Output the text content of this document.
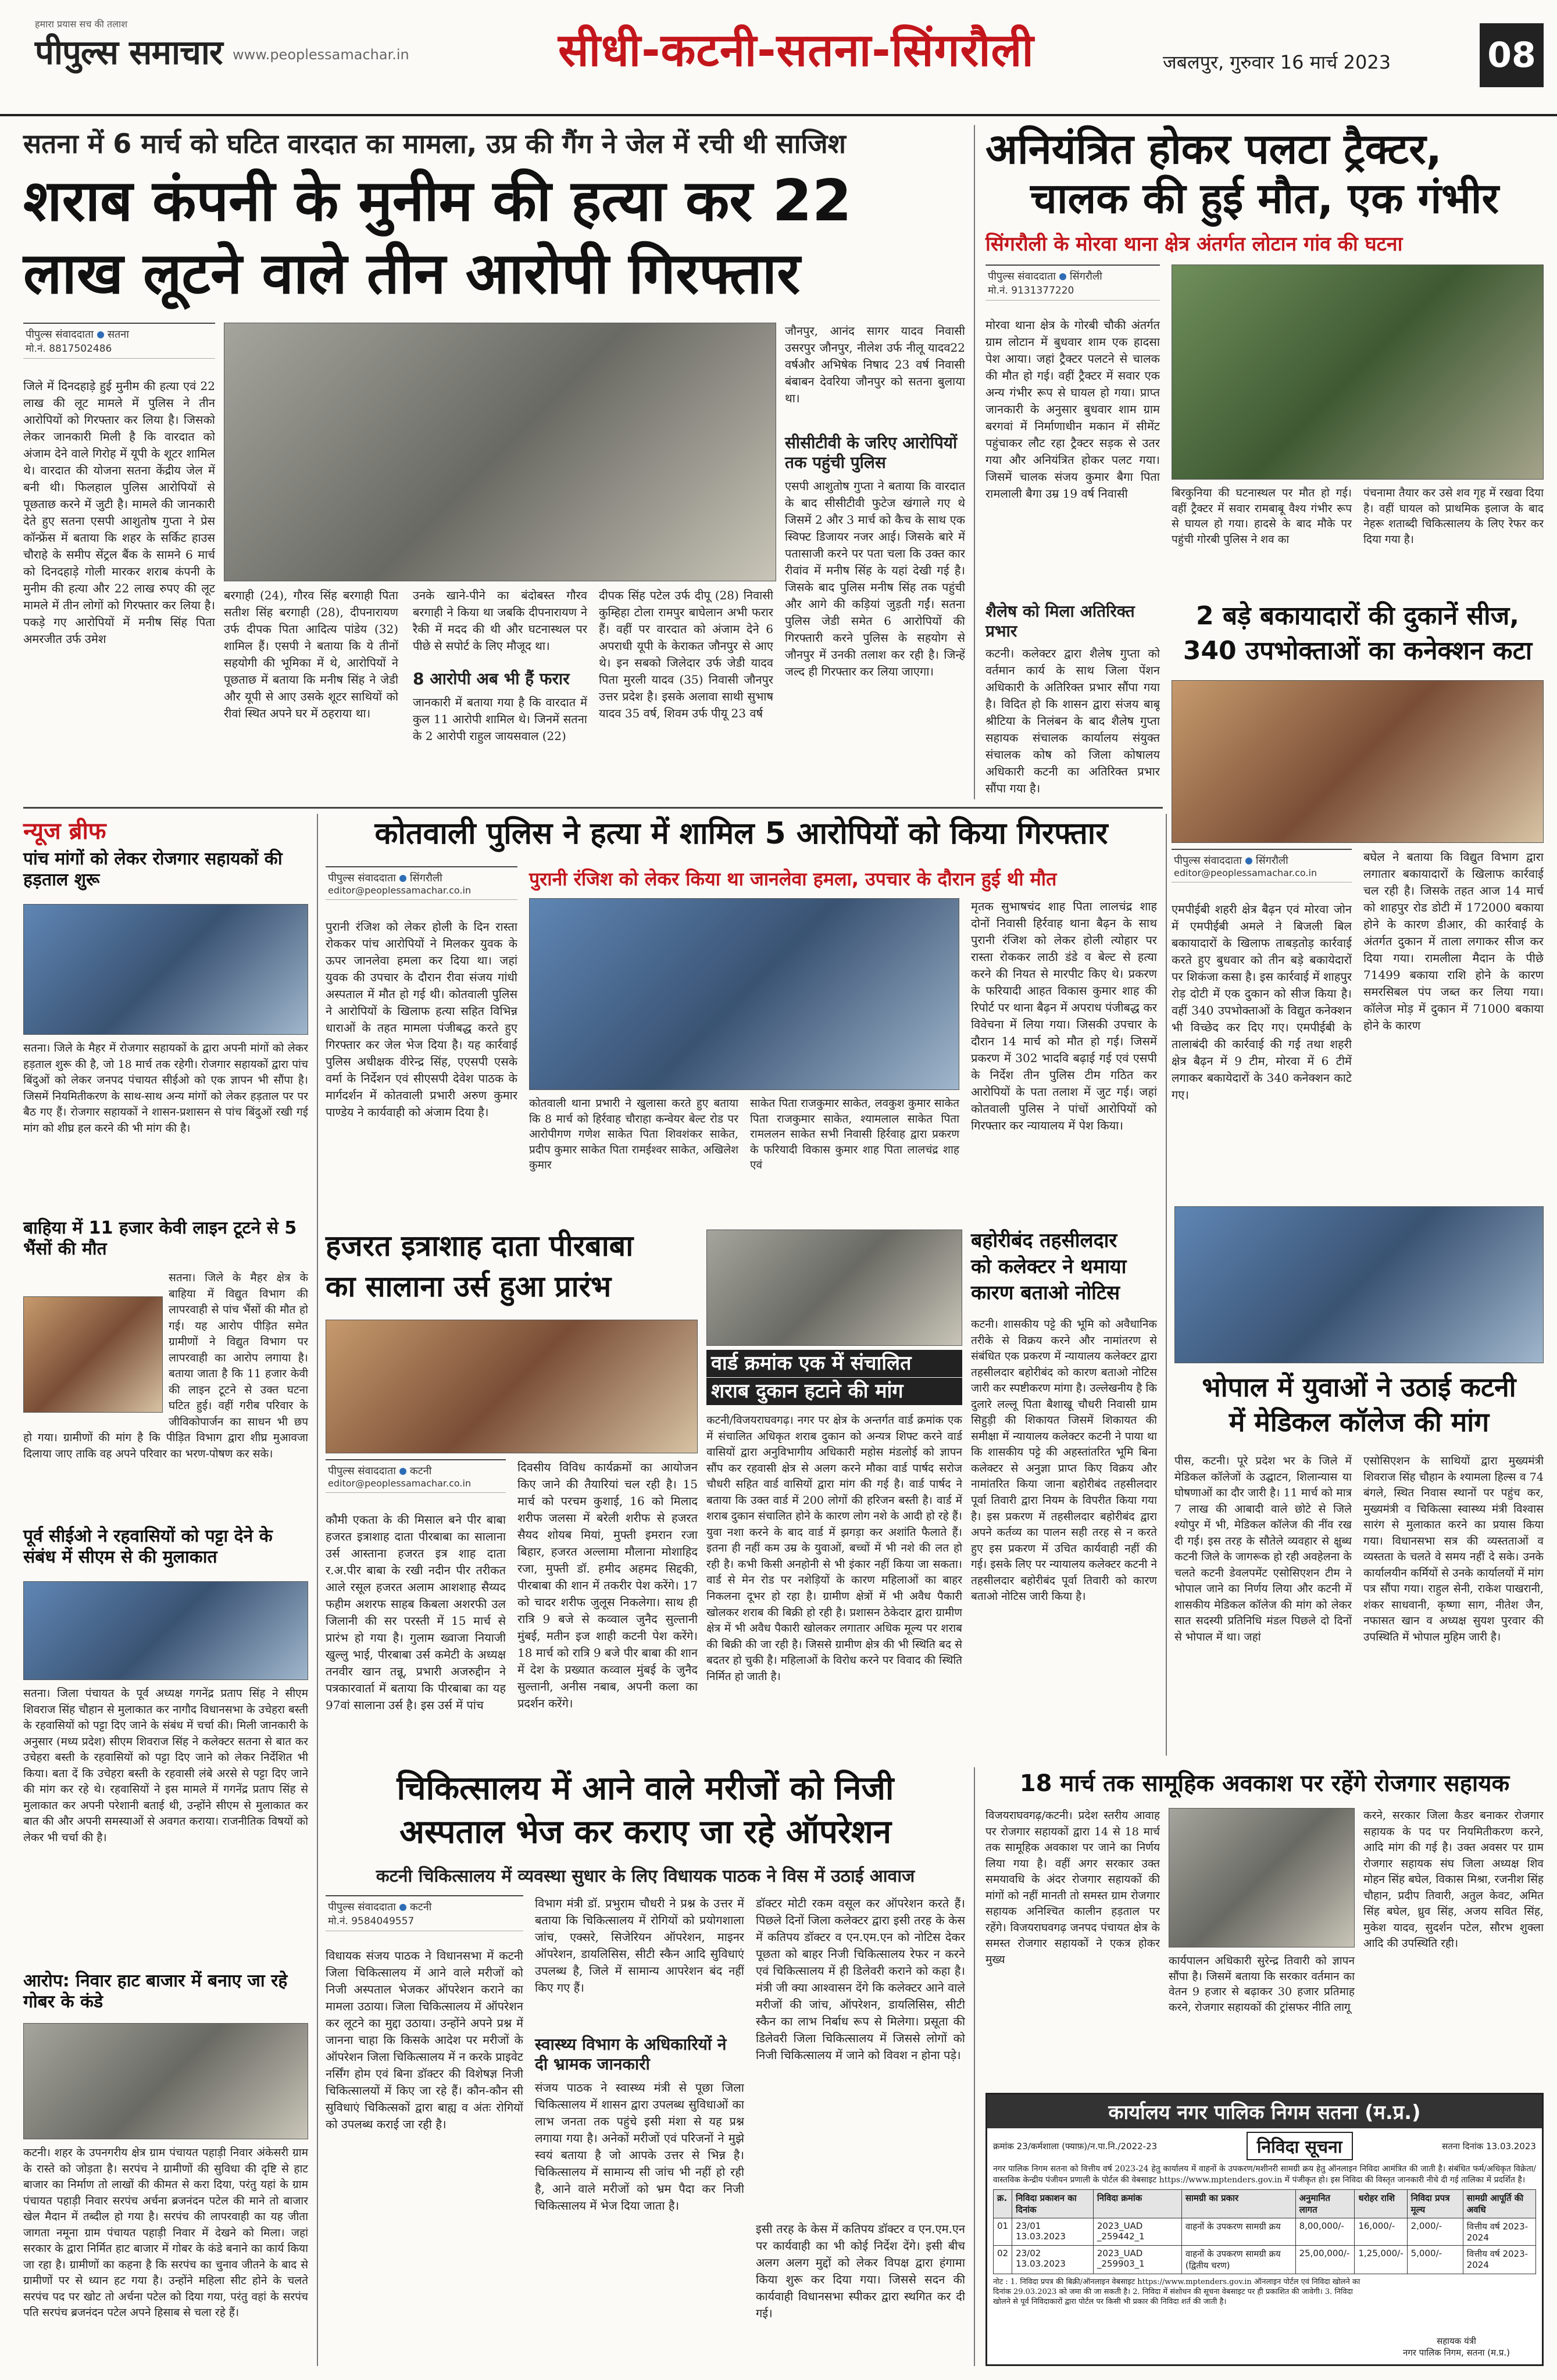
हमारा प्रयास सच की तलाश
पीपुल्स समाचार www.peoplessamachar.in	सीधी-कटनी-सतना-सिंगरौली	जबलपुर, गुरुवार 16 मार्च 2023	08
सतना में 6 मार्च को घटित वारदात का मामला, उप्र की गैंग ने जेल में रची थी साजिश
शराब कंपनी के मुनीम की हत्या कर 22
लाख लूटने वाले तीन आरोपी गिरफ्तार
पीपुल्स संवाददाता सतना
मो.नं. 8817502486
जिले में दिनदहाड़े हुई मुनीम की हत्या एवं 22 लाख की लूट मामले में पुलिस ने तीन आरोपियों को गिरफ्तार कर लिया है। जिसको लेकर जानकारी मिली है कि वारदात को अंजाम देने वाले गिरोह में यूपी के शूटर शामिल थे। वारदात की योजना सतना केंद्रीय जेल में बनी थी। फिलहाल पुलिस आरोपियों से पूछताछ करने में जुटी है। मामले की जानकारी देते हुए सतना एसपी आशुतोष गुप्ता ने प्रेस कॉन्फ्रेंस में बताया कि शहर के सर्किट हाउस चौराहे के समीप सेंट्रल बैंक के सामने 6 मार्च को दिनदहाड़े गोली मारकर शराब कंपनी के मुनीम की हत्या और 22 लाख रुपए की लूट मामले में तीन लोगों को गिरफ्तार कर लिया है। पकड़े गए आरोपियों में मनीष सिंह पिता अमरजीत उर्फ उमेश
बरगाही (24), गौरव सिंह बरगाही पिता सतीश सिंह बरगाही (28), दीपनारायण उर्फ दीपक पिता आदित्य पांडेय (32) शामिल हैं। एसपी ने बताया कि ये तीनों सहयोगी की भूमिका में थे, आरोपियों ने पूछताछ में बताया कि मनीष सिंह ने जेडी और यूपी से आए उसके शूटर साथियों को रीवां स्थित अपने घर में ठहराया था।
उनके खाने-पीने का बंदोबस्त गौरव बरगाही ने किया था जबकि दीपनारायण ने रैकी में मदद की थी और घटनास्थल पर पीछे से सपोर्ट के लिए मौजूद था।
8 आरोपी अब भी हैं फरार
जानकारी में बताया गया है कि वारदात में कुल 11 आरोपी शामिल थे। जिनमें सतना के 2 आरोपी राहुल जायसवाल (22)
दीपक सिंह पटेल उर्फ दीपू (28) निवासी कुम्हिहा टोला रामपुर बाघेलान अभी फरार हैं। वहीं पर वारदात को अंजाम देने 6 अपराधी यूपी के केराकत जौनपुर से आए थे। इन सबको जिलेदार उर्फ जेडी यादव पिता मुरली यादव (35) निवासी जौनपुर उत्तर प्रदेश है। इसके अलावा साथी सुभाष यादव 35 वर्ष, शिवम उर्फ पीयू 23 वर्ष
जौनपुर, आनंद सागर यादव निवासी उसरपुर जौनपुर, नीलेश उर्फ नीलू यादव22 वर्षऔर अभिषेक निषाद 23 वर्ष निवासी बंबाबन देवरिया जौनपुर को सतना बुलाया था।
सीसीटीवी के जरिए आरोपियों तक पहुंची पुलिस
एसपी आशुतोष गुप्ता ने बताया कि वारदात के बाद सीसीटीवी फुटेज खंगाले गए थे जिसमें 2 और 3 मार्च को कैच के साथ एक स्विफ्ट डिजायर नजर आई। जिसके बारे में पतासाजी करने पर पता चला कि उक्त कार रीवांव में मनीष सिंह के यहां देखी गई है। जिसके बाद पुलिस मनीष सिंह तक पहुंची और आगे की कड़ियां जुड़ती गईं। सतना पुलिस जेडी समेत 6 आरोपियों की गिरफ्तारी करने पुलिस के सहयोग से जौनपुर में उनकी तलाश कर रही है। जिन्हें जल्द ही गिरफ्तार कर लिया जाएगा।
अनियंत्रित होकर पलटा ट्रैक्टर,
चालक की हुई मौत, एक गंभीर
सिंगरौली के मोरवा थाना क्षेत्र अंतर्गत लोटान गांव की घटना
पीपुल्स संवाददाता सिंगरौली
मो.नं. 9131377220
मोरवा थाना क्षेत्र के गोरबी चौकी अंतर्गत ग्राम लोटान में बुधवार शाम एक हादसा पेश आया। जहां ट्रैक्टर पलटने से चालक की मौत हो गई। वहीं ट्रैक्टर में सवार एक अन्य गंभीर रूप से घायल हो गया। प्राप्त जानकारी के अनुसार बुधवार शाम ग्राम बरगवां में निर्माणाधीन मकान में सीमेंट पहुंचाकर लौट रहा ट्रैक्टर सड़क से उतर गया और अनियंत्रित होकर पलट गया। जिसमें चालक संजय कुमार बैगा पिता रामलाली बैगा उम्र 19 वर्ष निवासी	बिरकुनिया की घटनास्थल पर मौत हो गई। वहीं ट्रैक्टर में सवार रामबाबू वैश्य गंभीर रूप से घायल हो गया। हादसे के बाद मौके पर पहुंची गोरबी पुलिस ने शव का
पंचनामा तैयार कर उसे शव गृह में रखवा दिया है। वहीं घायल को प्राथमिक इलाज के बाद नेहरू शताब्दी चिकित्सालय के लिए रेफर कर दिया गया है।
शैलेष को मिला अतिरिक्त प्रभार
कटनी। कलेक्टर द्वारा शैलेष गुप्ता को वर्तमान कार्य के साथ जिला पेंशन अधिकारी के अतिरिक्त प्रभार सौंपा गया है। विदित हो कि शासन द्वारा संजय बाबू श्रीटिया के निलंबन के बाद शैलेष गुप्ता सहायक संचालक कार्यालय संयुक्त संचालक कोष को जिला कोषालय अधिकारी कटनी का अतिरिक्त प्रभार सौंपा गया है।
2 बड़े बकायादारों की दुकानें सीज,
340 उपभोक्ताओं का कनेक्शन कटा
पीपुल्स संवाददाता सिंगरौली
editor@peoplessamachar.co.in
एमपीईबी शहरी क्षेत्र बैढ़न एवं मोरवा जोन में एमपीईबी अमले ने बिजली बिल बकायादारों के खिलाफ ताबड़तोड़ कार्रवाई करते हुए बुधवार को तीन बड़े बकायेदारों पर शिकंजा कसा है। इस कार्रवाई में शाहपुर रोड़ दोटी में एक दुकान को सीज किया है। वहीं 340 उपभोक्ताओं के विद्युत कनेक्शन भी विच्छेद कर दिए गए। एमपीईबी के तालाबंदी की कार्रवाई की गई तथा शहरी क्षेत्र बैढ़न में 9 टीम, मोरवा में 6 टीमें लगाकर बकायेदारों के 340 कनेक्शन काटे गए।
बघेल ने बताया कि विद्युत विभाग द्वारा लगातार बकायादारों के खिलाफ कार्रवाई चल रही है। जिसके तहत आज 14 मार्च को शाहपुर रोड डोटी में 172000 बकाया होने के कारण डीआर, की कार्रवाई के अंतर्गत दुकान में ताला लगाकर सीज कर दिया गया। रामलीला मैदान के पीछे 71499 बकाया राशि होने के कारण समरसिबल पंप जब्त कर लिया गया। कॉलेज मोड़ में दुकान में 71000 बकाया होने के कारण
न्यूज ब्रीफ
पांच मांगों को लेकर रोजगार सहायकों की हड़ताल शुरू
सतना। जिले के मैहर में रोजगार सहायकों के द्वारा अपनी मांगों को लेकर हड़ताल शुरू की है, जो 18 मार्च तक रहेगी। रोजगार सहायकों द्वारा पांच बिंदुओं को लेकर जनपद पंचायत सीईओ को एक ज्ञापन भी सौंपा है। जिसमें नियमितीकरण के साथ-साथ अन्य मांगों को लेकर हड़ताल पर पर बैठ गए हैं। रोजगार सहायकों ने शासन-प्रशासन से पांच बिंदुओं रखी गई मांग को शीघ्र हल करने की भी मांग की है।
बाहिया में 11 हजार केवी लाइन टूटने से 5 भैंसों की मौत
सतना। जिले के मैहर क्षेत्र के बाहिया में विद्युत विभाग की लापरवाही से पांच भैंसों की मौत हो गई। यह आरोप पीड़ित समेत ग्रामीणों ने विद्युत विभाग पर लापरवाही का आरोप लगाया है। बताया जाता है कि 11 हजार केवी की लाइन टूटने से उक्त घटना घटित हुई। वहीं गरीब परिवार के जीविकोपार्जन का साधन भी छप हो गया। ग्रामीणों की मांग है कि पीड़ित विभाग द्वारा शीघ्र मुआवजा दिलाया जाए ताकि वह अपने परिवार का भरण-पोषण कर सके।
पूर्व सीईओ ने रहवासियों को पट्टा देने के संबंध में सीएम से की मुलाकात
सतना। जिला पंचायत के पूर्व अध्यक्ष गगनेंद्र प्रताप सिंह ने सीएम शिवराज सिंह चौहान से मुलाकात कर नागौद विधानसभा के उचेहरा बस्ती के रहवासियों को पट्टा दिए जाने के संबंध में चर्चा की। मिली जानकारी के अनुसार (मध्य प्रदेश) सीएम शिवराज सिंह ने कलेक्टर सतना से बात कर उचेहरा बस्ती के रहवासियों को पट्टा दिए जाने को लेकर निर्देशित भी किया। बता दें कि उचेहरा बस्ती के रहवासी लंबे अरसे से पट्टा दिए जाने की मांग कर रहे थे। रहवासियों ने इस मामले में गगनेंद्र प्रताप सिंह से मुलाकात कर अपनी परेशानी बताई थी, उन्होंने सीएम से मुलाकात कर बात की और अपनी समस्याओं से अवगत कराया। राजनीतिक विषयों को लेकर भी चर्चा की है।
आरोप: निवार हाट बाजार में बनाए जा रहे गोबर के कंडे
कटनी। शहर के उपनगरीय क्षेत्र ग्राम पंचायत पहाड़ी निवार अंकेसरी ग्राम के रास्ते को जोड़ता है। सरपंच ने ग्रामीणों की सुविधा की दृष्टि से हाट बाजार का निर्माण तो लाखों की कीमत से करा दिया, परंतु यहां के ग्राम पंचायत पहाड़ी निवार सरपंच अर्चना ब्रजनंदन पटेल की माने तो बाजार खेल मैदान में तब्दील हो गया है। सरपंच की लापरवाही का यह जीता जागता नमूना ग्राम पंचायत पहाड़ी निवार में देखने को मिला। जहां सरकार के द्वारा निर्मित हाट बाजार में गोबर के कंडे बनाने का कार्य किया जा रहा है। ग्रामीणों का कहना है कि सरपंच का चुनाव जीतने के बाद से ग्रामीणों पर से ध्यान हट गया है। उन्होंने महिला सीट होने के चलते सरपंच पद पर खोट तो अर्चना पटेल को दिया गया, परंतु वहां के सरपंच पति सरपंच ब्रजनंदन पटेल अपने हिसाब से चला रहे हैं।
कोतवाली पुलिस ने हत्या में शामिल 5 आरोपियों को किया गिरफ्तार
पुरानी रंजिश को लेकर किया था जानलेवा हमला, उपचार के दौरान हुई थी मौत
पीपुल्स संवाददाता सिंगरौली
editor@peoplessamachar.co.in
पुरानी रंजिश को लेकर होली के दिन रास्ता रोककर पांच आरोपियों ने मिलकर युवक के ऊपर जानलेवा हमला कर दिया था। जहां युवक की उपचार के दौरान रीवा संजय गांधी अस्पताल में मौत हो गई थी। कोतवाली पुलिस ने आरोपियों के खिलाफ हत्या सहित विभिन्न धाराओं के तहत मामला पंजीबद्ध करते हुए गिरफ्तार कर जेल भेज दिया है। यह कार्रवाई पुलिस अधीक्षक वीरेन्द्र सिंह, एएसपी एसके वर्मा के निर्देशन एवं सीएसपी देवेश पाठक के मार्गदर्शन में कोतवाली प्रभारी अरुण कुमार पाण्डेय ने कार्यवाही को अंजाम दिया है।
कोतवाली थाना प्रभारी ने खुलासा करते हुए बताया कि 8 मार्च को हिर्रवाह चौराहा कन्वेयर बेल्ट रोड पर आरोपीगण गणेश साकेत पिता शिवशंकर साकेत, प्रदीप कुमार साकेत पिता रामईश्वर साकेत, अखिलेश कुमार
साकेत पिता राजकुमार साकेत, लवकुश कुमार साकेत पिता राजकुमार साकेत, श्यामलाल साकेत पिता रामललन साकेत सभी निवासी हिर्रवाह द्वारा प्रकरण के फरियादी विकास कुमार शाह पिता लालचंद्र शाह एवं
मृतक सुभाषचंद शाह पिता लालचंद्र शाह दोनों निवासी हिर्रवाह थाना बैढ़न के साथ पुरानी रंजिश को लेकर होली त्योहार पर रास्ता रोककर लाठी डंडे व बेल्ट से हत्या करने की नियत से मारपीट किए थे। प्रकरण के फरियादी आहत विकास कुमार शाह की रिपोर्ट पर थाना बैढ़न में अपराध पंजीबद्ध कर विवेचना में लिया गया। जिसकी उपचार के दौरान 14 मार्च को मौत हो गई। जिसमें प्रकरण में 302 भादवि बढ़ाई गई एवं एसपी के निर्देश तीन पुलिस टीम गठित कर आरोपियों के पता तलाश में जुट गई। जहां कोतवाली पुलिस ने पांचों आरोपियों को गिरफ्तार कर न्यायालय में पेश किया।
हजरत इत्राशाह दाता पीरबाबा
का सालाना उर्स हुआ प्रारंभ
पीपुल्स संवाददाता कटनी
editor@peoplessamachar.co.in
कौमी एकता के की मिसाल बने पीर बाबा हजरत इत्राशाह दाता पीरबाबा का सालाना उर्स आस्ताना हजरत इत्र शाह दाता र.अ.पीर बाबा के रखी नदीन पीर तरीकत आले रसूल हजरत अलाम आशशाह सैय्यद फहीम अशरफ साहब किबला अशरफी उल जिलानी की सर परस्ती में 15 मार्च से प्रारंभ हो गया है। गुलाम ख्वाजा नियाजी खुल्लु भाई, पीरबाबा उर्स कमेटी के अध्यक्ष तनवीर खान तन्नू, प्रभारी अजरुद्दीन ने पत्रकारवार्ता में बताया कि पीरबाबा का यह 97वां सालाना उर्स है। इस उर्स में पांच
दिवसीय विविध कार्यक्रमों का आयोजन किए जाने की तैयारियां चल रही है। 15 मार्च को परचम कुशाई, 16 को मिलाद शरीफ जलसा में बरेली शरीफ से हजरत सैयद शोयब मियां, मुफ्ती इमरान रजा बिहार, हजरत अल्लामा मौलाना मोशाहिद रजा, मुफ्ती डॉ. हमीद अहमद सिद्दकी, पीरबाबा की शान में तकरीर पेश करेंगे। 17 को चादर शरीफ जुलूस निकलेगा। साथ ही रात्रि 9 बजे से कव्वाल जुनैद सुल्तानी मुंबई, मतीन इज शाही कटनी पेश करेंगे। 18 मार्च को रात्रि 9 बजे पीर बाबा की शान में देश के प्रख्यात कव्वाल मुंबई के जुनैद सुल्तानी, अनीस नबाब, अपनी कला का प्रदर्शन करेंगे।
वार्ड क्रमांक एक में संचालित
शराब दुकान हटाने की मांग
कटनी/विजयराघवगढ़। नगर पर क्षेत्र के अन्तर्गत वार्ड क्रमांक एक में संचालित अधिकृत शराब दुकान को अन्यत्र शिफ्ट करने वार्ड वासियों द्वारा अनुविभागीय अधिकारी महोस मंडलोई को ज्ञापन सौंप कर रहवासी क्षेत्र से अलग करने मौका वार्ड पार्षद सरोज चौधरी सहित वार्ड वासियों द्वारा मांग की गई है। वार्ड पार्षद ने बताया कि उक्त वार्ड में 200 लोगों की हरिजन बस्ती है। वार्ड में शराब दुकान संचालित होने के कारण लोग नशे के आदी हो रहे हैं। युवा नशा करने के बाद वार्ड में झगड़ा कर अशांति फैलाते हैं। इतना ही नहीं कम उम्र के युवाओं, बच्चों में भी नशे की लत हो रही है। कभी किसी अनहोनी से भी इंकार नहीं किया जा सकता। वार्ड से मेन रोड पर नशेड़ियों के कारण महिलाओं का बाहर निकलना दूभर हो रहा है। ग्रामीण क्षेत्रों में भी अवैध पैकारी खोलकर शराब की बिक्री हो रही है। प्रशासन ठेकेदार द्वारा ग्रामीण क्षेत्र में भी अवैध पैकारी खोलकर लगातार अधिक मूल्य पर शराब की बिक्री की जा रही है। जिससे ग्रामीण क्षेत्र की भी स्थिति बद से बदतर हो चुकी है। महिलाओं के विरोध करने पर विवाद की स्थिति निर्मित हो जाती है।
बहोरीबंद तहसीलदार
को कलेक्टर ने थमाया
कारण बताओ नोटिस
कटनी। शासकीय पट्टे की भूमि को अवैधानिक तरीके से विक्रय करने और नामांतरण से संबंधित एक प्रकरण में न्यायालय कलेक्टर द्वारा तहसीलदार बहोरीबंद को कारण बताओ नोटिस जारी कर स्पष्टीकरण मांगा है। उल्लेखनीय है कि दुलारे लल्लू पिता बैशाखू चौधरी निवासी ग्राम सिहुड़ी की शिकायत जिसमें शिकायत की समीक्षा में न्यायालय कलेक्टर कटनी ने पाया था कि शासकीय पट्टे की अहस्तांतरित भूमि बिना कलेक्टर से अनुज्ञा प्राप्त किए विक्रय और नामांतरित किया जाना बहोरीबंद तहसीलदार पूर्वा तिवारी द्वारा नियम के विपरीत किया गया है। इस प्रकरण में तहसीलदार बहोरीबंद द्वारा अपने कर्तव्य का पालन सही तरह से न करते हुए इस प्रकरण में उचित कार्यवाही नहीं की गई। इसके लिए पर न्यायालय कलेक्टर कटनी ने तहसीलदार बहोरीबंद पूर्वा तिवारी को कारण बताओ नोटिस जारी किया है।
भोपाल में युवाओं ने उठाई कटनी
में मेडिकल कॉलेज की मांग
पीस, कटनी। पूरे प्रदेश भर के जिले में मेडिकल कॉलेजों के उद्घाटन, शिलान्यास या घोषणाओं का दौर जारी है। 11 मार्च को मात्र 7 लाख की आबादी वाले छोटे से जिले श्योपुर में भी, मेडिकल कॉलेज की नींव रख दी गई। इस तरह के सौतेले व्यवहार से क्षुब्ध कटनी जिले के जागरूक हो रही अवहेलना के चलते कटनी डेवलपमेंट एसोसिएशन टीम ने भोपाल जाने का निर्णय लिया और कटनी में शासकीय मेडिकल कॉलेज की मांग को लेकर सात सदस्यी प्रतिनिधि मंडल पिछले दो दिनों से भोपाल में था। जहां
एसोसिएशन के साथियों द्वारा मुख्यमंत्री शिवराज सिंह चौहान के श्यामला हिल्स व 74 बंगले, स्थित निवास स्थानों पर पहुंच कर, मुख्यमंत्री व चिकित्सा स्वास्थ्य मंत्री विश्वास सारंग से मुलाकात करने का प्रयास किया गया। विधानसभा सत्र की व्यस्तताओं व व्यस्तता के चलते वे समय नहीं दे सके। उनके कार्यालयीन कर्मियों से उनके कार्यालयों में मांग पत्र सौंपा गया। राहुल सेनी, राकेश पाखरानी, शंकर साधवानी, कृष्णा साग, नीतेश जैन, नफासत खान व अध्यक्ष सुयश पुरवार की उपस्थिति में भोपाल मुहिम जारी है।
चिकित्सालय में आने वाले मरीजों को निजी
अस्पताल भेज कर कराए जा रहे ऑपरेशन
कटनी चिकित्सालय में व्यवस्था सुधार के लिए विधायक पाठक ने विस में उठाई आवाज
पीपुल्स संवाददाता कटनी
मो.नं. 9584049557
विधायक संजय पाठक ने विधानसभा में कटनी जिला चिकित्सालय में आने वाले मरीजों को निजी अस्पताल भेजकर ऑपरेशन कराने का मामला उठाया। जिला चिकित्सालय में ऑपरेशन कर लूटने का मुद्दा उठाया। उन्होंने अपने प्रश्न में जानना चाहा कि किसके आदेश पर मरीजों के ऑपरेशन जिला चिकित्सालय में न करके प्राइवेट नर्सिंग होम एवं बिना डॉक्टर की विशेषज्ञ निजी चिकित्सालयों में किए जा रहे हैं। कौन-कौन सी सुविधाएं चिकित्सकों द्वारा बाह्य व अंतः रोगियों को उपलब्ध कराई जा रही है।
विभाग मंत्री डॉ. प्रभुराम चौधरी ने प्रश्न के उत्तर में बताया कि चिकित्सालय में रोगियों को प्रयोगशाला जांच, एक्सरे, सिजेरियन ऑपरेशन, माइनर ऑपरेशन, डायलिसिस, सीटी स्कैन आदि सुविधाएं उपलब्ध है, जिले में सामान्य आपरेशन बंद नहीं किए गए हैं।
स्वास्थ्य विभाग के अधिकारियों ने दी भ्रामक जानकारी
संजय पाठक ने स्वास्थ्य मंत्री से पूछा जिला चिकित्सालय में शासन द्वारा उपलब्ध सुविधाओं का लाभ जनता तक पहुंचे इसी मंशा से यह प्रश्न लगाया गया है। अनेकों मरीजों एवं परिजनों ने मुझे स्वयं बताया है जो आपके उत्तर से भिन्न है। चिकित्सालय में सामान्य सी जांच भी नहीं हो रही है, आने वाले मरीजों को भ्रम पैदा कर निजी चिकित्सालय में भेज दिया जाता है।
डॉक्टर मोटी रकम वसूल कर ऑपरेशन करते हैं। पिछले दिनों जिला कलेक्टर द्वारा इसी तरह के केस में कतिपय डॉक्टर व एन.एम.एन को नोटिस देकर पूछता को बाहर निजी चिकित्सालय रेफर न करने एवं चिकित्सालय में ही डिलेवरी कराने को कहा है। मंत्री जी क्या आश्वासन देंगे कि कलेक्टर आने वाले मरीजों की जांच, ऑपरेशन, डायलिसिस, सीटी स्कैन का लाभ निर्बाध रूप से मिलेगा। प्रसूता की डिलेवरी जिला चिकित्सालय में जिससे लोगों को निजी चिकित्सालय में जाने को विवश न होना पड़े।
इसी तरह के केस में कतिपय डॉक्टर व एन.एम.एन पर कार्यवाही का भी कोई निर्देश देंगे। इसी बीच अलग अलग मुद्दों को लेकर विपक्ष द्वारा हंगामा किया शुरू कर दिया गया। जिससे सदन की कार्यवाही विधानसभा स्पीकर द्वारा स्थगित कर दी गई।
18 मार्च तक सामूहिक अवकाश पर रहेंगे रोजगार सहायक
विजयराघवगढ़/कटनी। प्रदेश स्तरीय आवाह पर रोजगार सहायकों द्वारा 14 से 18 मार्च तक सामूहिक अवकाश पर जाने का निर्णय लिया गया है। वहीं अगर सरकार उक्त समयावधि के अंदर रोजगार सहायकों की मांगों को नहीं मानती तो समस्त ग्राम रोजगार सहायक अनिश्चित कालीन हड़ताल पर रहेंगे। विजयराघवगढ़ जनपद पंचायत क्षेत्र के समस्त रोजगार सहायकों ने एकत्र होकर मुख्य	कार्यपालन अधिकारी सुरेन्द्र तिवारी को ज्ञापन सौंपा है। जिसमें बताया कि सरकार वर्तमान का वेतन 9 हजार से बढ़ाकर 30 हजार प्रतिमाह करने, रोजगार सहायकों की ट्रांसफर नीति लागू
करने, सरकार जिला कैडर बनाकर रोजगार सहायक के पद पर नियमितीकरण करने, आदि मांग की गई है। उक्त अवसर पर ग्राम रोजगार सहायक संघ जिला अध्यक्ष शिव मोहन सिंह बघेल, विकास मिश्रा, रजनीश सिंह चौहान, प्रदीप तिवारी, अतुल केवट, अमित सिंह बघेल, ध्रुव सिंह, अजय सवित सिंह, मुकेश यादव, सुदर्शन पटेल, सौरभ शुक्ला आदि की उपस्थिति रही।
कार्यालय नगर पालिक निगम सतना (म.प्र.)
क्रमांक 23/कर्मशाला (फ्याफ़)/न.पा.नि./2022-23	निविदा सूचना	सतना दिनांक 13.03.2023
नगर पालिक निगम सतना को वित्तीय वर्ष 2023-24 हेतु कार्यालय में वाहनों के उपकरण/मशीनरी सामग्री क्रय हेतु ऑनलाइन निविदा आमंत्रित की जाती है। संबंधित फर्म/अधिकृत विक्रेता/वास्तविक केन्द्रीय पंजीयन प्रणाली के पोर्टल की वेबसाइट https://www.mptenders.gov.in में पंजीकृत हो। इस निविदा की विस्तृत जानकारी नीचे दी गई तालिका में प्रदर्शित है।
क्र.	निविदा प्रकाशन का दिनांक	निविदा क्रमांक	सामग्री का प्रकार	अनुमानित लागत	धरोहर राशि	निविदा प्रपत्र मूल्य	सामग्री आपूर्ति की अवधि
01	23/01 13.03.2023	2023_UAD _259442_1	वाहनों के उपकरण सामग्री क्रय	8,00,000/-	16,000/-	2,000/-	वित्तीय वर्ष 2023-2024
02	23/02 13.03.2023	2023_UAD _259903_1	वाहनों के उपकरण सामग्री क्रय (द्वितीय चरण)	25,00,000/-	1,25,000/-	5,000/-	वित्तीय वर्ष 2023-2024
नोट : 1. निविदा प्रपत्र की बिक्री/ऑनलाइन वेबसाइट https://www.mptenders.gov.in ऑनलाइन पोर्टल एवं निविदा खोलने का दिनांक 29.03.2023 को जमा की जा सकती है। 2. निविदा में संशोधन की सूचना वेबसाइट पर ही प्रकाशित की जावेगी। 3. निविदा खोलने से पूर्व निविदाकारों द्वारा पोर्टल पर किसी भी प्रकार की निविदा शर्त की जाती है।
सहायक यंत्री
नगर पालिक निगम, सतना (म.प्र.)
